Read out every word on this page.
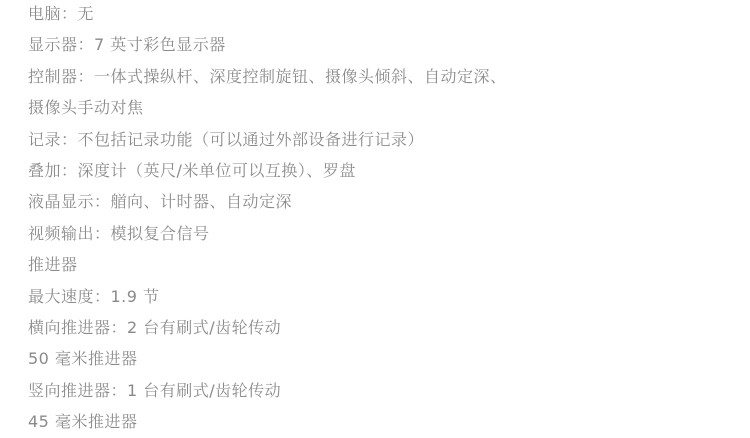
电脑：无
显示器：7 英寸彩色显示器
控制器：一体式操纵杆、深度控制旋钮、摄像头倾斜、自动定深、
摄像头手动对焦
记录：不包括记录功能（可以通过外部设备进行记录）
叠加：深度计（英尺/米单位可以互换）、罗盘
液晶显示：艏向、计时器、自动定深
视频输出：模拟复合信号
推进器
最大速度：1.9 节
横向推进器：2 台有刷式/齿轮传动
50 毫米推进器
竖向推进器：1 台有刷式/齿轮传动
45 毫米推进器
